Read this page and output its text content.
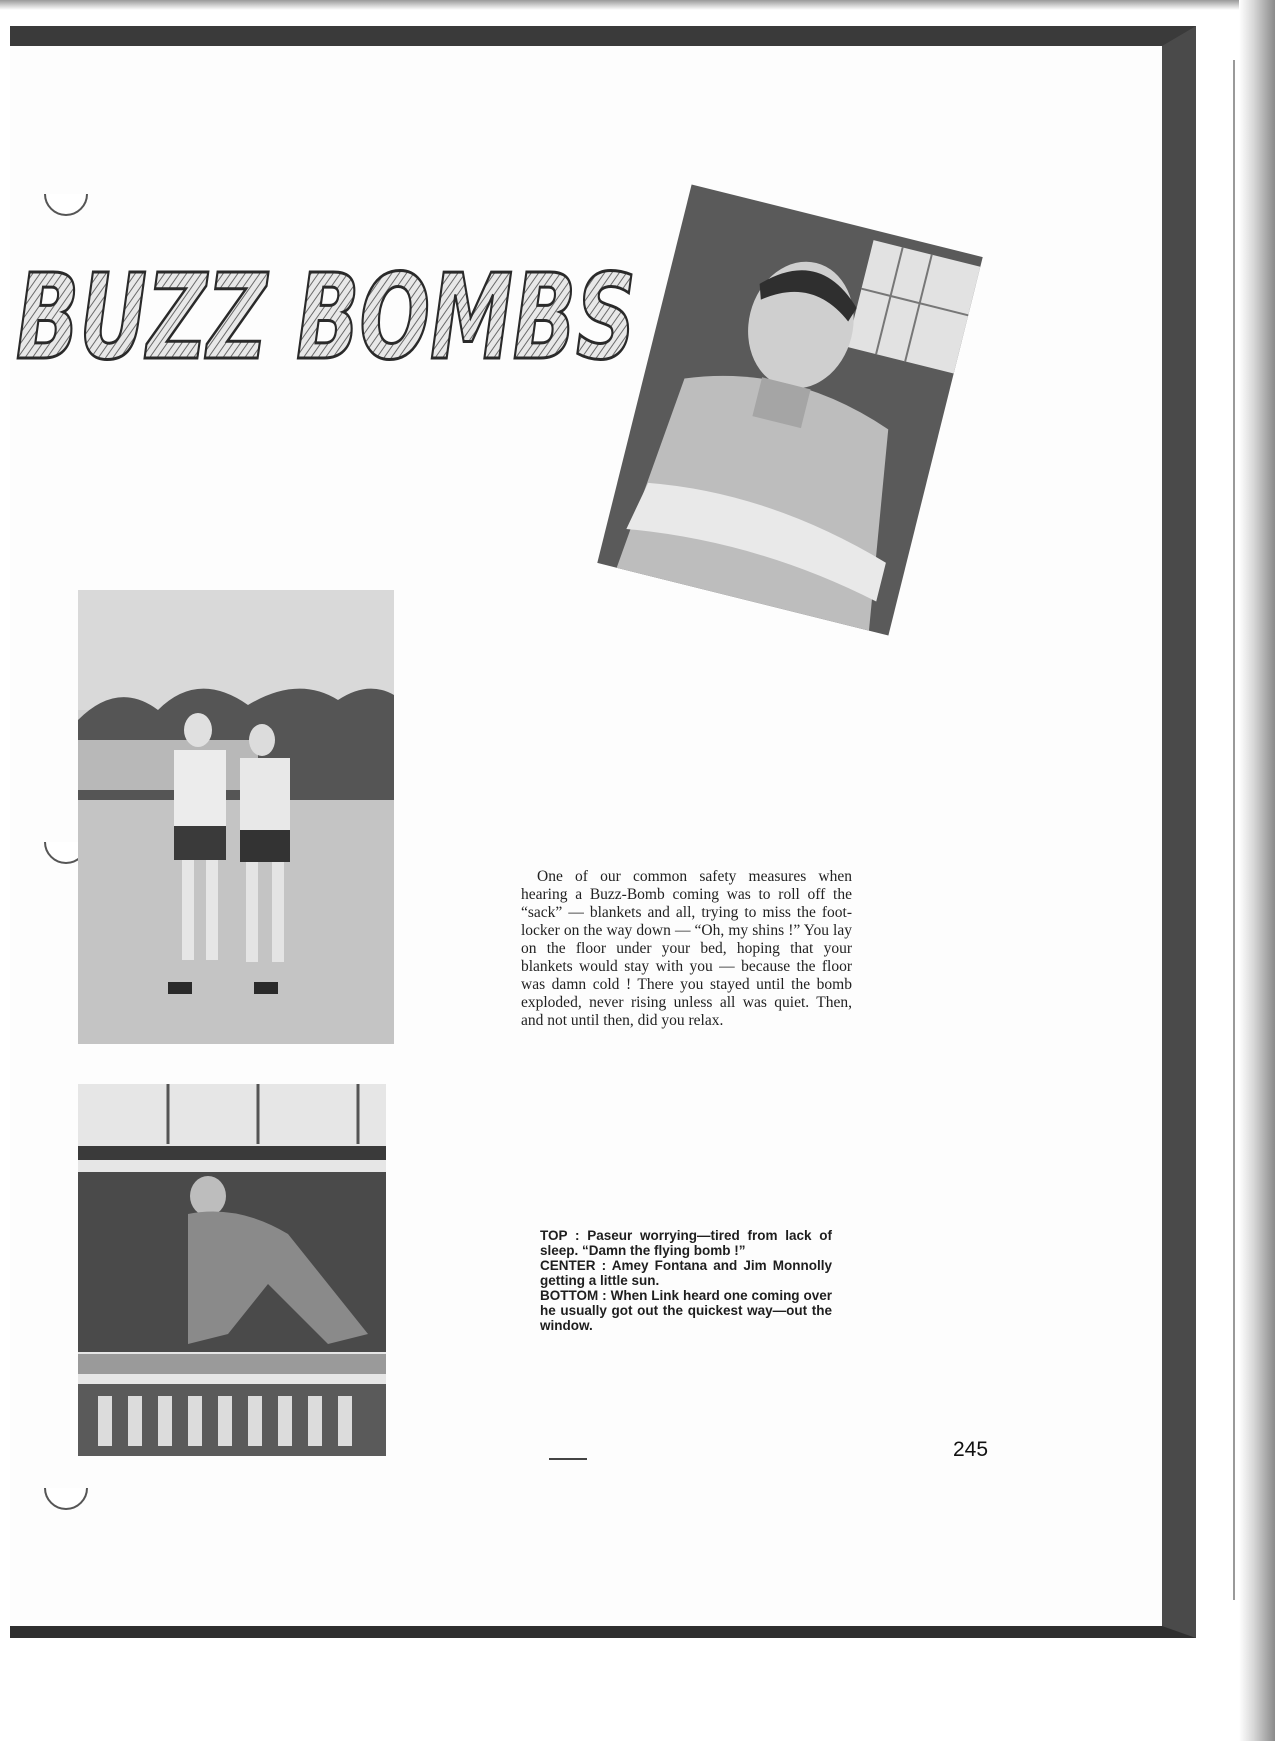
BUZZ BOMBS

One of our common safety measures when hearing a Buzz-Bomb coming was to roll off the “sack” — blankets and all, trying to miss the foot-locker on the way down — “Oh, my shins !” You lay on the floor under your bed, hoping that your blankets would stay with you — because the floor was damn cold ! There you stayed until the bomb exploded, never rising unless all was quiet. Then, and not until then, did you relax.

TOP : Paseur worrying—tired from lack of sleep. “Damn the flying bomb !”
CENTER : Amey Fontana and Jim Monnolly getting a little sun.
BOTTOM : When Link heard one coming over he usually got out the quickest way—out the window.
245
